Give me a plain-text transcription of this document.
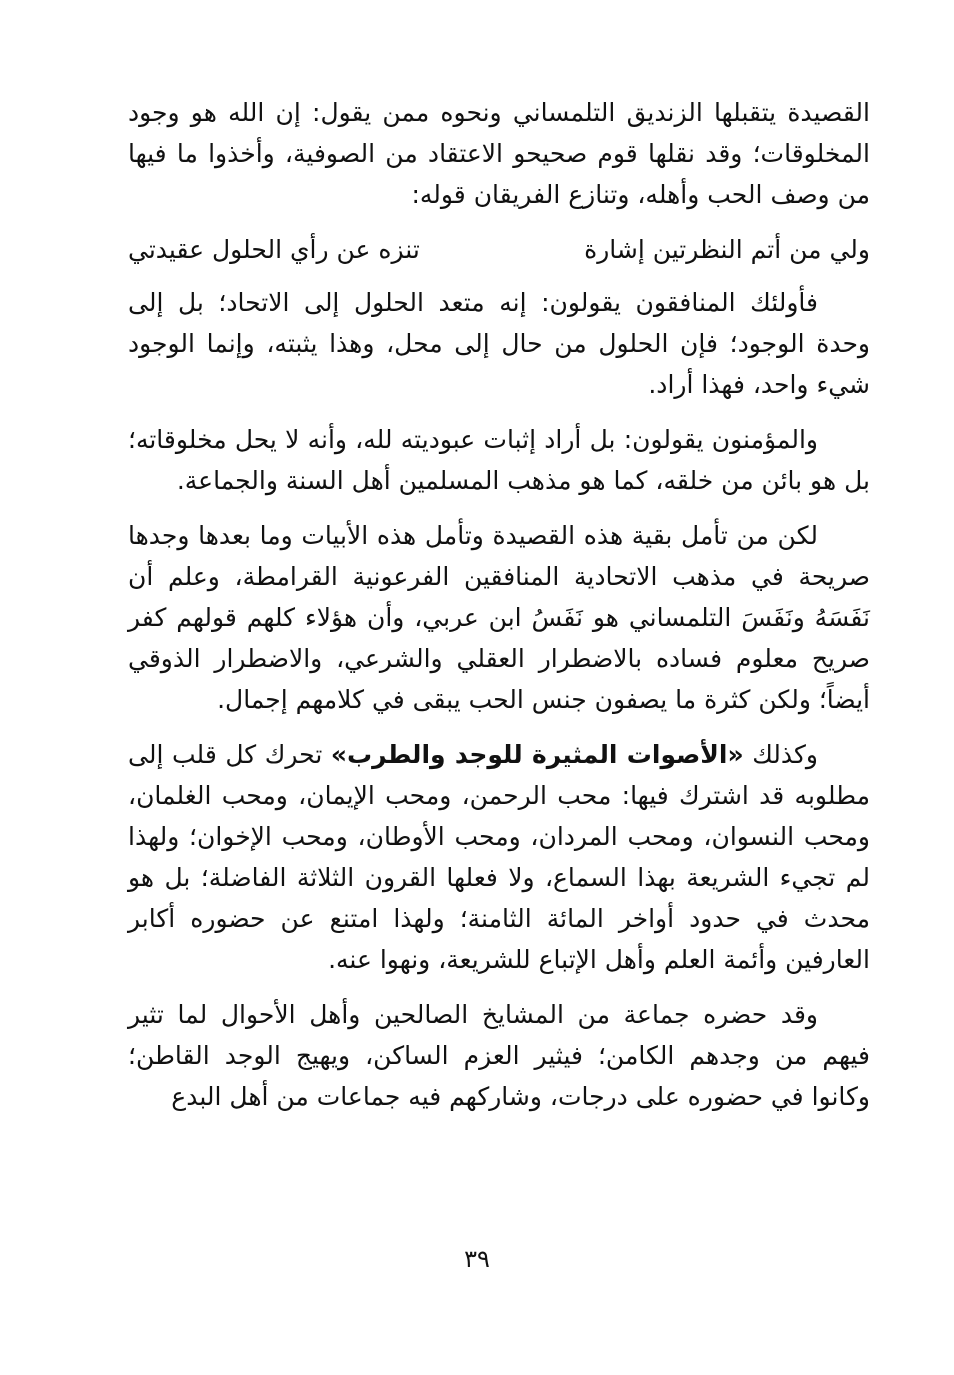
القصيدة يتقبلها الزنديق التلمساني ونحوه ممن يقول: إن الله هو وجود المخلوقات؛ وقد نقلها قوم صحيحو الاعتقاد من الصوفية، وأخذوا ما فيها من وصف الحب وأهله، وتنازع الفريقان قوله:

ولي من أتم النظرتين إشارة
تنزه عن رأي الحلول عقيدتي

فأولئك المنافقون يقولون: إنه متعد الحلول إلى الاتحاد؛ بل إلى وحدة الوجود؛ فإن الحلول من حال إلى محل، وهذا يثبته، وإنما الوجود شيء واحد، فهذا أراد.

والمؤمنون يقولون: بل أراد إثبات عبوديته لله، وأنه لا يحل مخلوقاته؛ بل هو بائن من خلقه، كما هو مذهب المسلمين أهل السنة والجماعة.

لكن من تأمل بقية هذه القصيدة وتأمل هذه الأبيات وما بعدها وجدها صريحة في مذهب الاتحادية المنافقين الفرعونية القرامطة، وعلم أن نَفَسَهُ ونَفَسَ التلمساني هو نَفَسُ ابن عربي، وأن هؤلاء كلهم قولهم كفر صريح معلوم فساده بالاضطرار العقلي والشرعي، والاضطرار الذوقي أيضاً؛ ولكن كثرة ما يصفون جنس الحب يبقى في كلامهم إجمال.

وكذلك «الأصوات المثيرة للوجد والطرب» تحرك كل قلب إلى مطلوبه قد اشترك فيها: محب الرحمن، ومحب الإيمان، ومحب الغلمان، ومحب النسوان، ومحب المردان، ومحب الأوطان، ومحب الإخوان؛ ولهذا لم تجيء الشريعة بهذا السماع، ولا فعلها القرون الثلاثة الفاضلة؛ بل هو محدث في حدود أواخر المائة الثامنة؛ ولهذا امتنع عن حضوره أكابر العارفين وأئمة العلم وأهل الإتباع للشريعة، ونهوا عنه.

وقد حضره جماعة من المشايخ الصالحين وأهل الأحوال لما تثير فيهم من وجدهم الكامن؛ فيثير العزم الساكن، ويهيج الوجد القاطن؛ وكانوا في حضوره على درجات، وشاركهم فيه جماعات من أهل البدع

٣٩
